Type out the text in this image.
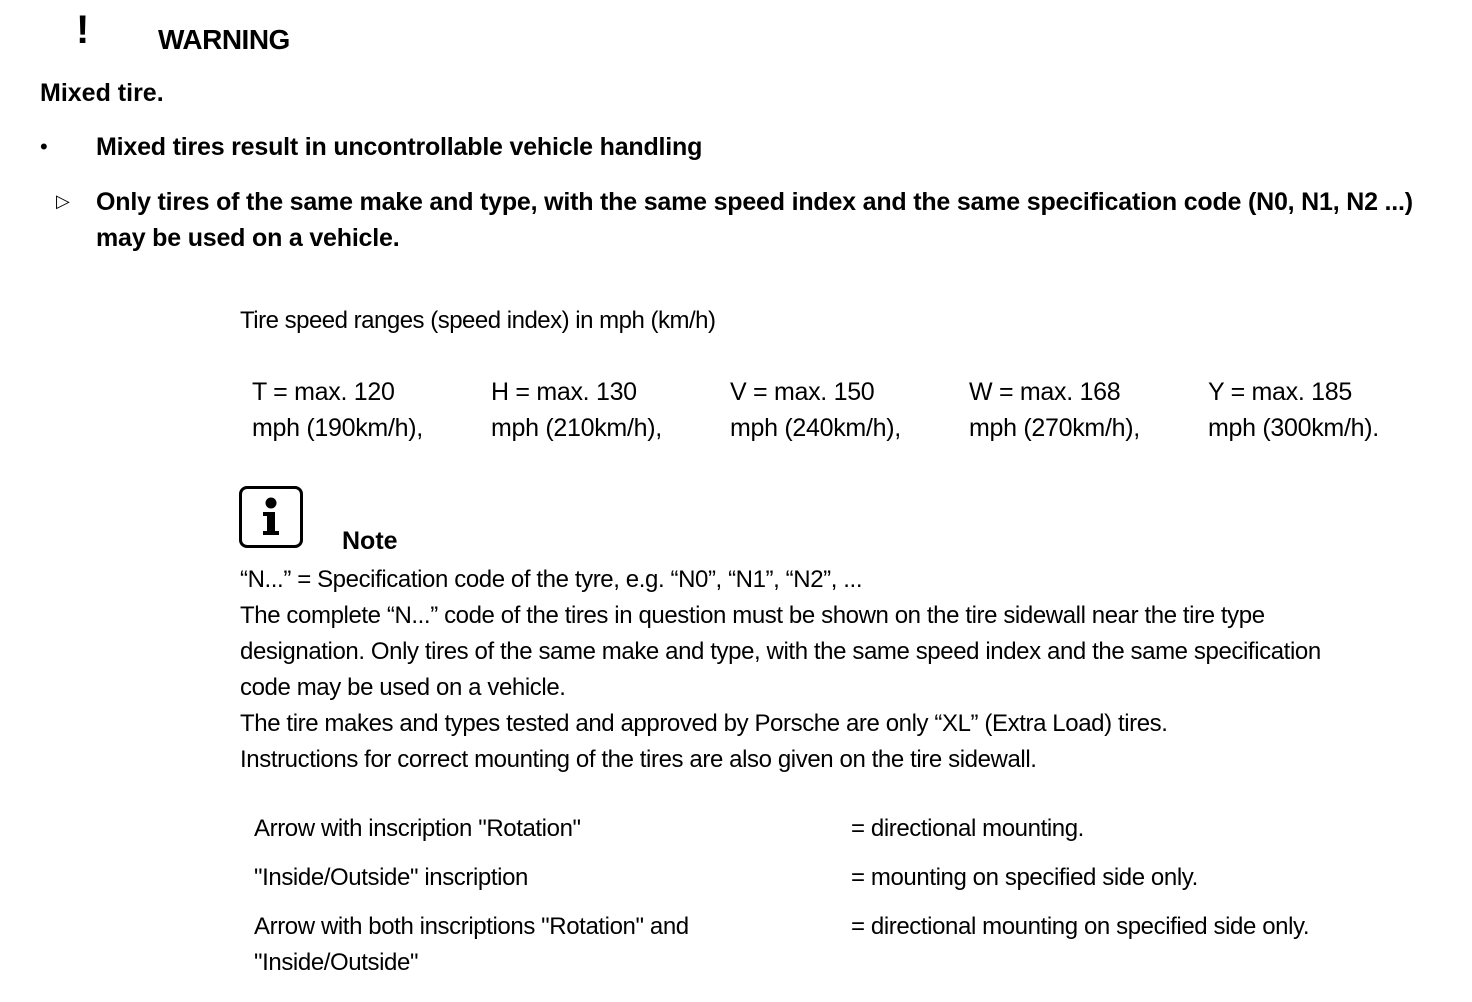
! WARNING
Mixed tire.
• Mixed tires result in uncontrollable vehicle handling
▷ Only tires of the same make and type, with the same speed index and the same specification code (N0, N1, N2 ...) may be used on a vehicle.
Tire speed ranges (speed index) in mph (km/h)
T = max. 120
mph (190km/h),
H = max. 130
mph (210km/h),
V = max. 150
mph (240km/h),
W = max. 168
mph (270km/h),
Y = max. 185
mph (300km/h).
Note
“N...” = Specification code of the tyre, e.g. “N0”, “N1”, “N2”, ...
The complete “N...” code of the tires in question must be shown on the tire sidewall near the tire type
designation. Only tires of the same make and type, with the same speed index and the same specification
code may be used on a vehicle.
The tire makes and types tested and approved by Porsche are only “XL” (Extra Load) tires.
Instructions for correct mounting of the tires are also given on the tire sidewall.
Arrow with inscription "Rotation"	= directional mounting.
"Inside/Outside" inscription	= mounting on specified side only.
Arrow with both inscriptions "Rotation" and "Inside/Outside"
= directional mounting on specified side only.
